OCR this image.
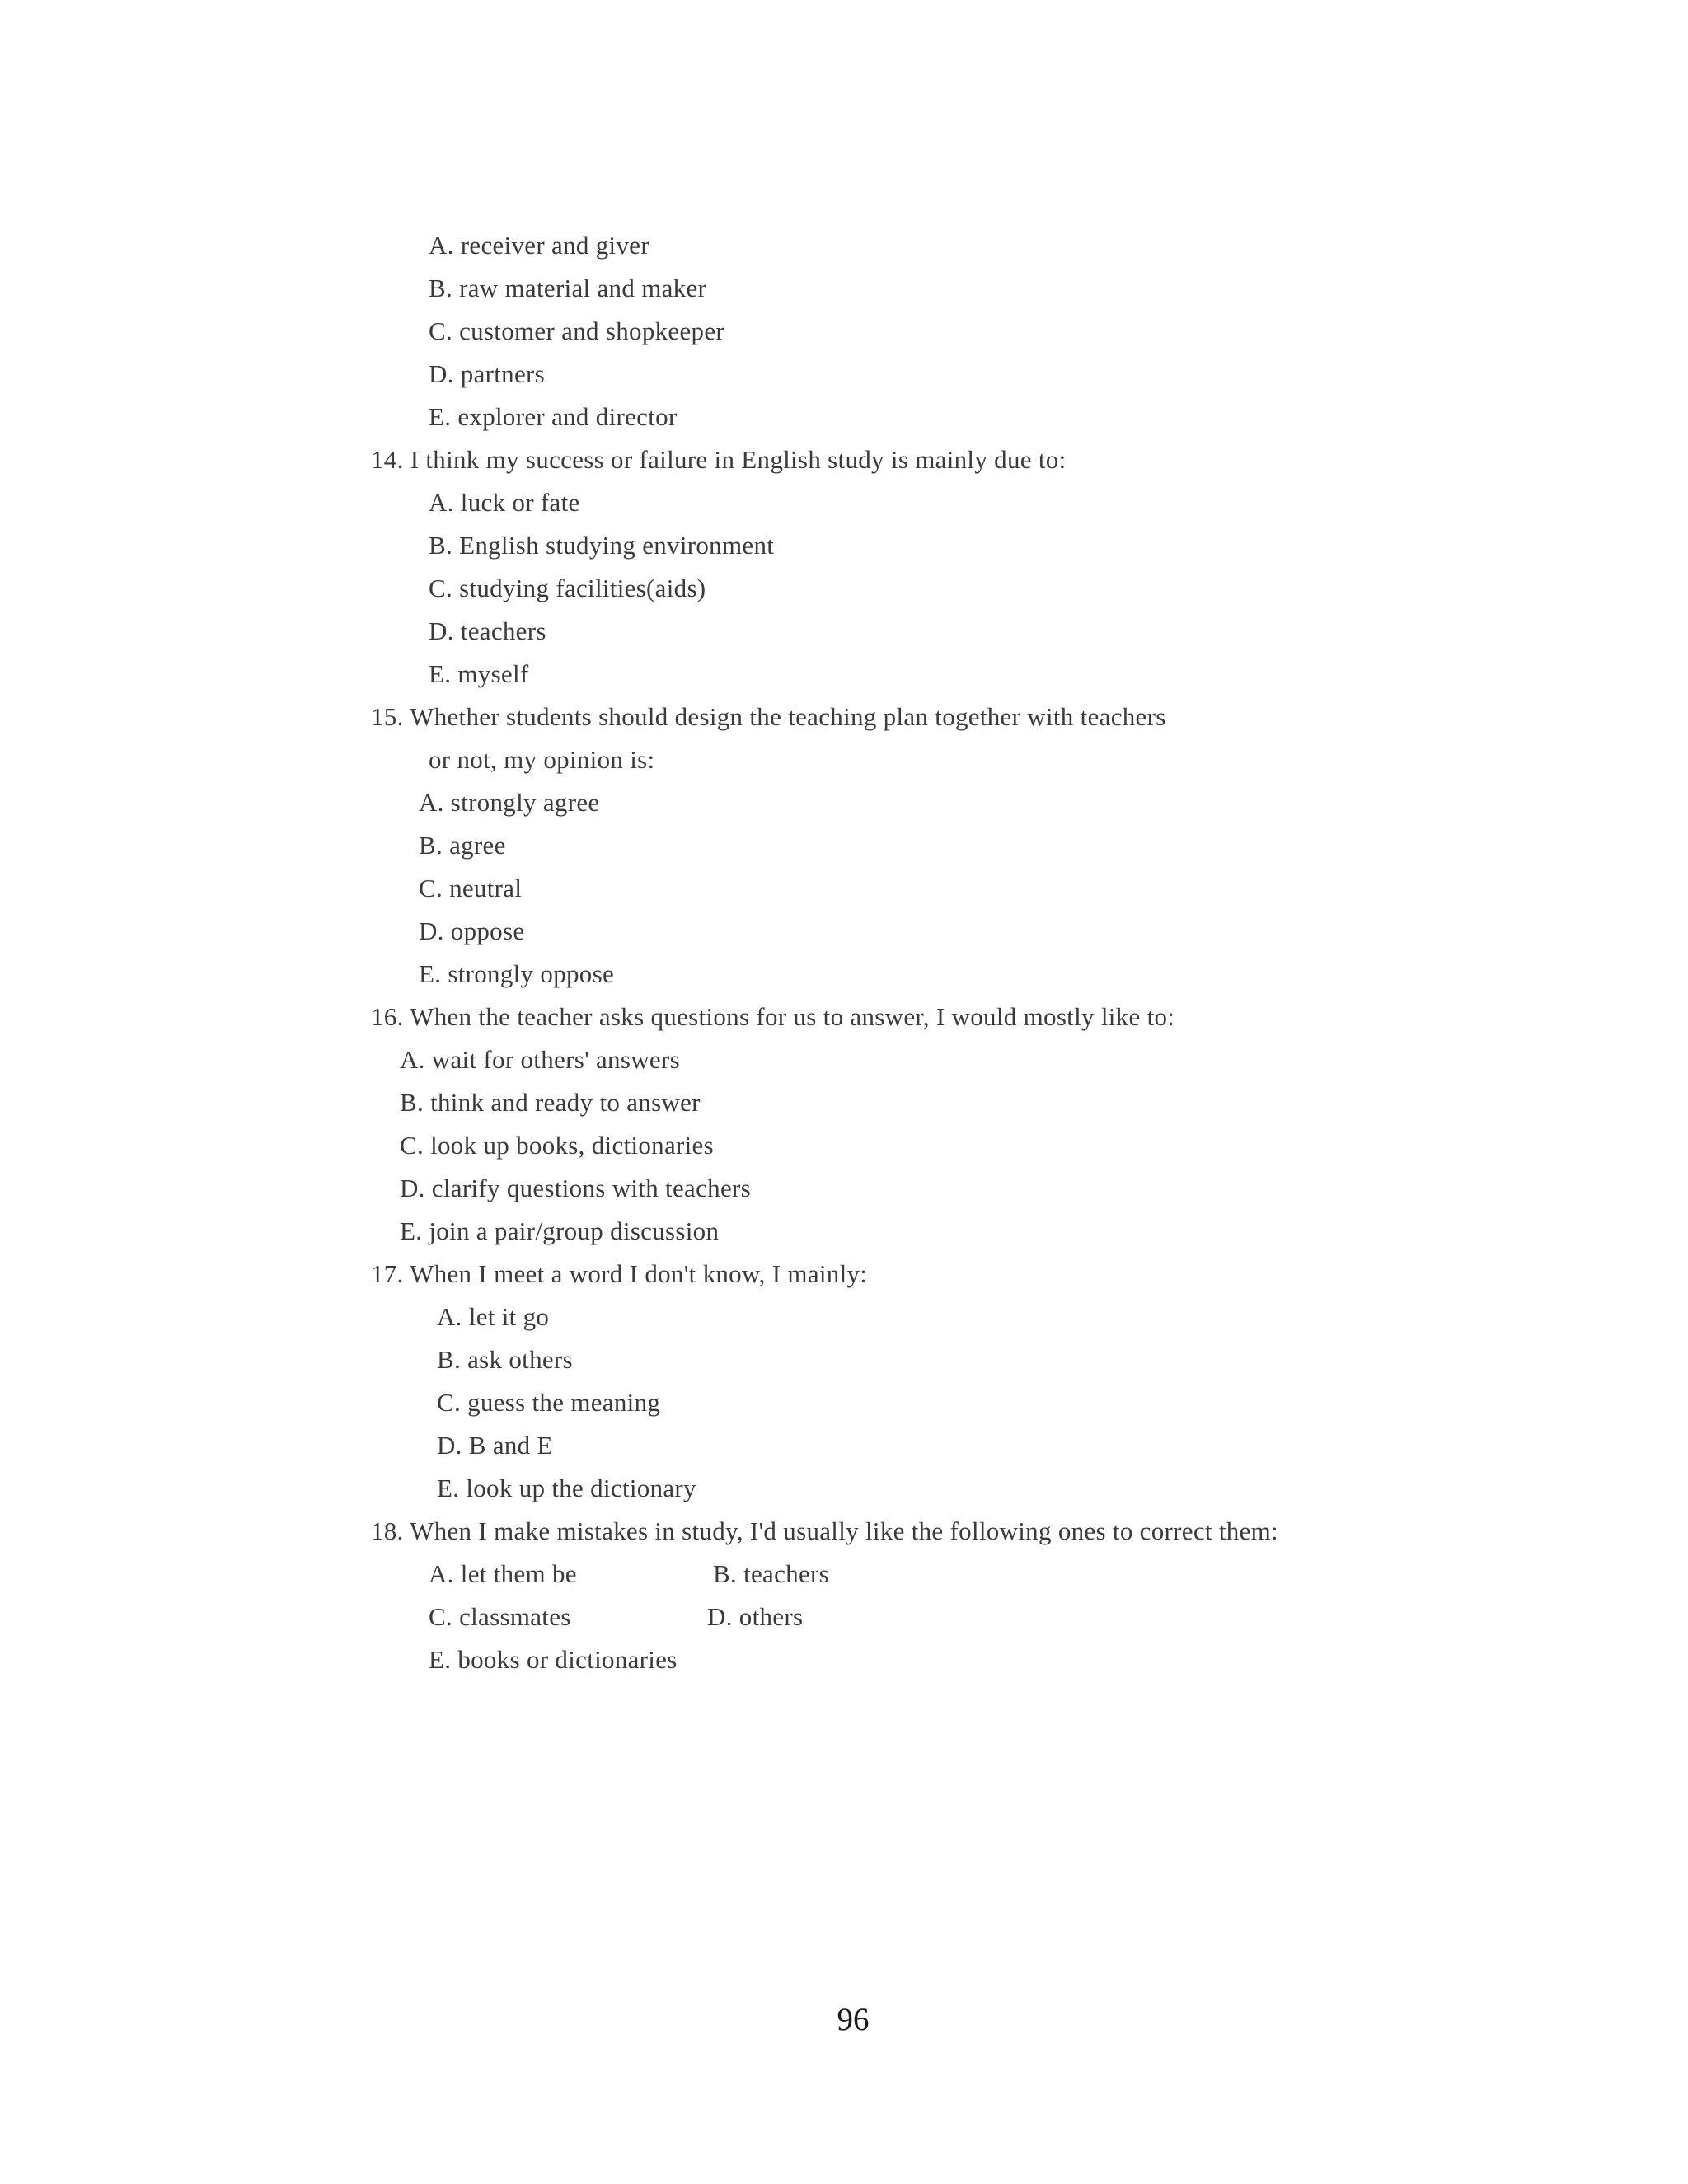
A. receiver and giver
B. raw material and maker
C. customer and shopkeeper
D. partners
E. explorer and director
14. I think my success or failure in English study is mainly due to:
A. luck or fate
B. English studying environment
C. studying facilities(aids)
D. teachers
E. myself
15. Whether students should design the teaching plan together with teachers
or not, my opinion is:
A. strongly agree
B. agree
C. neutral
D. oppose
E. strongly oppose
16. When the teacher asks questions for us to answer, I would mostly like to:
A. wait for others' answers
B. think and ready to answer
C. look up books, dictionaries
D. clarify questions with teachers
E. join a pair/group discussion
17. When I meet a word I don't know, I mainly:
A. let it go
B. ask others
C. guess the meaning
D. B and E
E. look up the dictionary
18. When I make mistakes in study, I'd usually like the following ones to correct them:
A. let them be	B. teachers
C. classmates	D. others
E. books or dictionaries
96
